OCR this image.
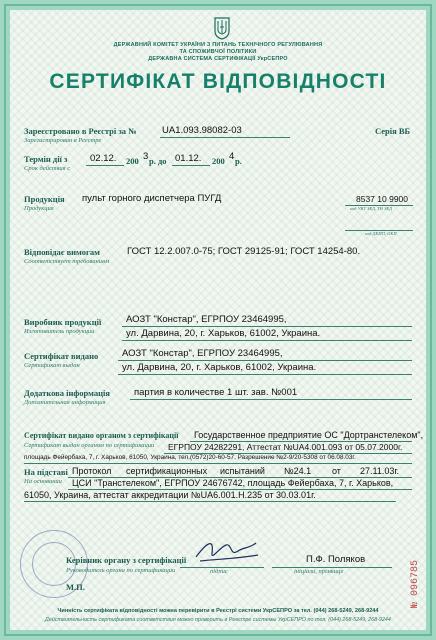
ДЕРЖАВНИЙ КОМІТЕТ УКРАЇНИ З ПИТАНЬ ТЕХНІЧНОГО РЕГУЛЮВАННЯ
ТА СПОЖИВЧОЇ ПОЛІТИКИ
ДЕРЖАВНА СИСТЕМА СЕРТИФІКАЦІЇ УкрСЕПРО
СЕРТИФІКАТ ВІДПОВІДНОСТІ
Зареєстровано в Реєстрі за №
Зарегистрирован в Реестре
UA1.093.98082-03	Серія ВБ
Термін дії з
Срок действия с
02.12. 200 3 р. до 01.12. 200 4 р.
Продукція
Продукция
пульт горного диспетчера ПУГД	8537 10 9900
код УКТ ЗЕД, ТН ЗЕД
код ДКПП, ОКП
Відповідає вимогам
Соответствует требованиям
ГОСТ 12.2.007.0-75; ГОСТ 29125-91; ГОСТ 14254-80.
Виробник продукції
Изготовитель продукции
АОЗТ "Констар", ЕГРПОУ 23464995,
ул. Дарвина, 20, г. Харьков, 61002, Украина.
Сертифікат видано
Сертификат выдан
АОЗТ "Констар", ЕГРПОУ 23464995,
ул. Дарвина, 20, г. Харьков, 61002, Украина.
Додаткова інформація
Дополнительная информация
партия в количестве 1 шт. зав. №001
Сертифікат видано органом з сертифікації
Сертификат выдан органом по сертификации
Государственное предприятие ОС "Дортранстелеком",
ЕГРПОУ 24282291, Аттестат №UA4.001.093 от 05.07.2000г.
площадь Фейербаха, 7, г. Харьков, 61050, Украина, тел.(0572)20-60-57, Разрешение №2-9/20-5308 от 06.08.03г.
На підставі
На основании
Протокол сертификационных испытаний №24.1 от 27.11.03г.
ЦСИ "Транстелеком", ЕГРПОУ 24676742, площадь Фейербаха, 7, г. Харьков,
61050, Украина, аттестат аккредитации №UA6.001.H.235 от 30.03.01г.
Керівник органу з сертифікації
Руководитель органа по сертификации
М.П.
підпис
П.Ф. Поляков
ініціали, прізвище	№ 096785
Чинність сертифіката відповідності можна перевірити в Реєстрі системи УкрСЕПРО за тел. (044) 268-5249, 268-9244
Действительность сертификата соответствия можно проверить в Реестре системы УкрСЕПРО по тел. (044) 268-5249, 268-9244
